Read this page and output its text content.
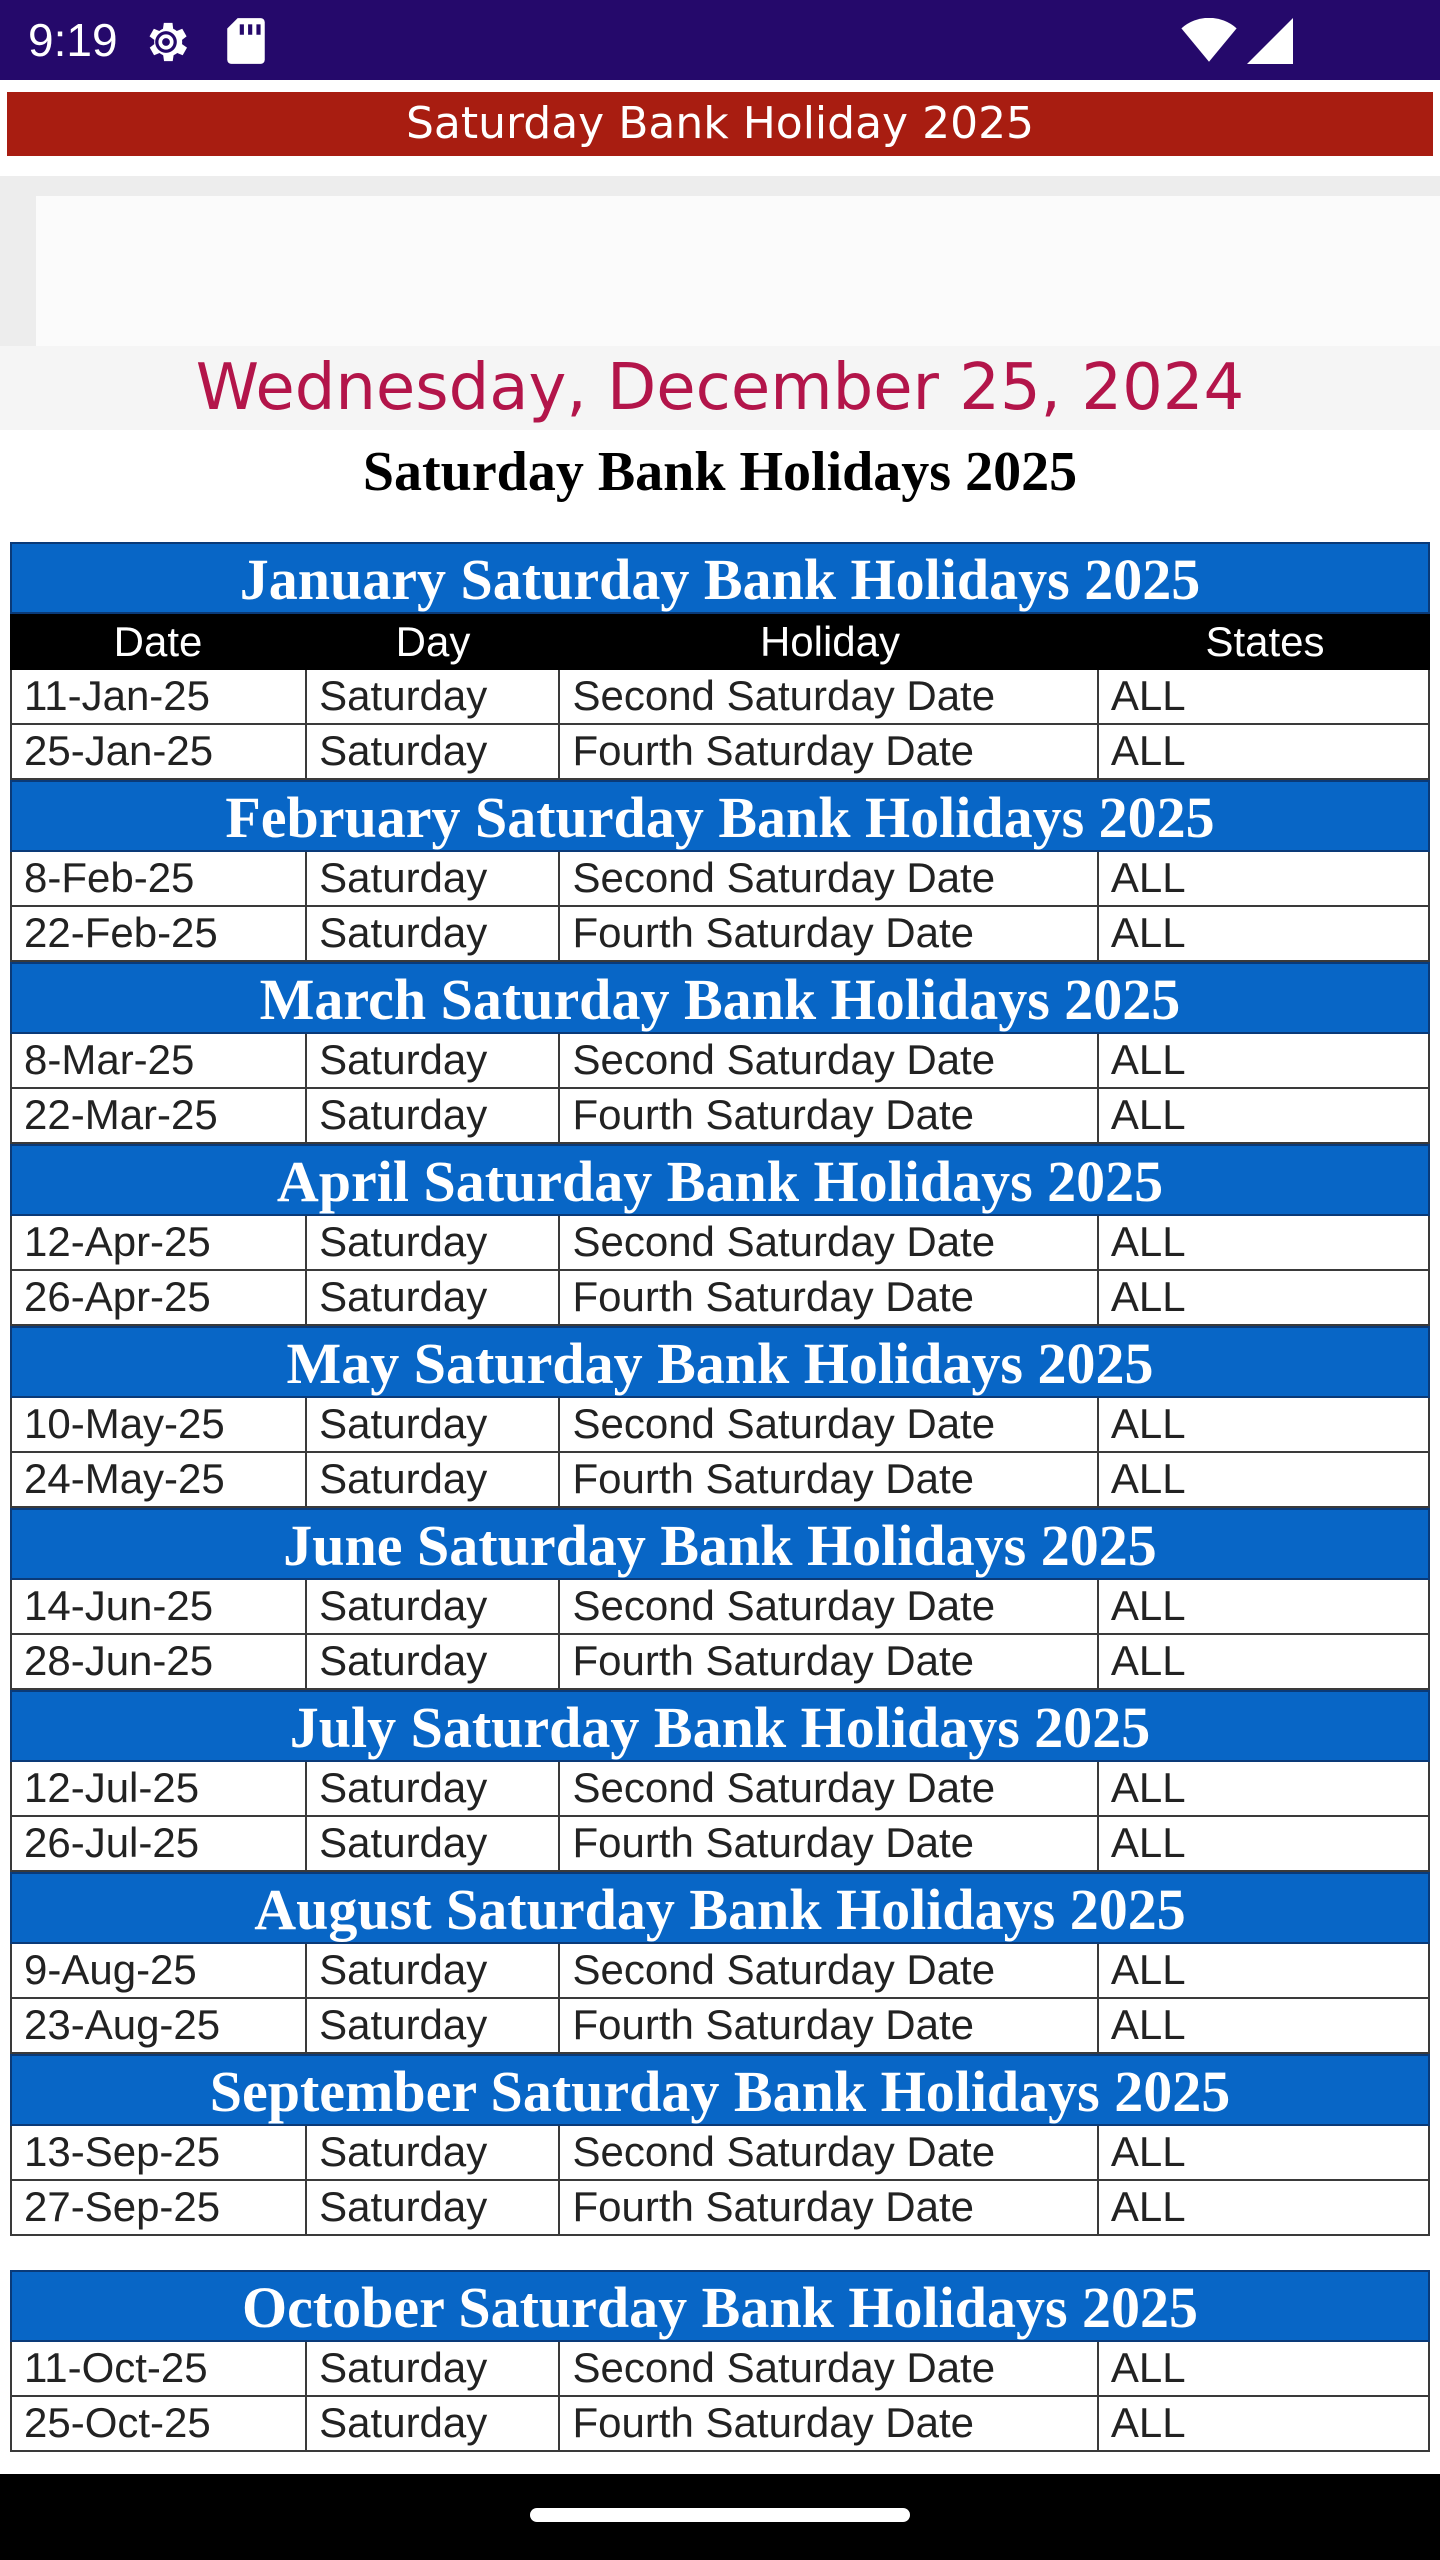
9:19
Saturday Bank Holiday 2025
Wednesday, December 25, 2024
Saturday Bank Holidays 2025
January Saturday Bank Holidays 2025
Date	Day	Holiday	States
11-Jan-25	Saturday	Second Saturday Date	ALL
25-Jan-25	Saturday	Fourth Saturday Date	ALL
February Saturday Bank Holidays 2025
8-Feb-25	Saturday	Second Saturday Date	ALL
22-Feb-25	Saturday	Fourth Saturday Date	ALL
March Saturday Bank Holidays 2025
8-Mar-25	Saturday	Second Saturday Date	ALL
22-Mar-25	Saturday	Fourth Saturday Date	ALL
April Saturday Bank Holidays 2025
12-Apr-25	Saturday	Second Saturday Date	ALL
26-Apr-25	Saturday	Fourth Saturday Date	ALL
May Saturday Bank Holidays 2025
10-May-25	Saturday	Second Saturday Date	ALL
24-May-25	Saturday	Fourth Saturday Date	ALL
June Saturday Bank Holidays 2025
14-Jun-25	Saturday	Second Saturday Date	ALL
28-Jun-25	Saturday	Fourth Saturday Date	ALL
July Saturday Bank Holidays 2025
12-Jul-25	Saturday	Second Saturday Date	ALL
26-Jul-25	Saturday	Fourth Saturday Date	ALL
August Saturday Bank Holidays 2025
9-Aug-25	Saturday	Second Saturday Date	ALL
23-Aug-25	Saturday	Fourth Saturday Date	ALL
September Saturday Bank Holidays 2025
13-Sep-25	Saturday	Second Saturday Date	ALL
27-Sep-25	Saturday	Fourth Saturday Date	ALL
October Saturday Bank Holidays 2025
11-Oct-25	Saturday	Second Saturday Date	ALL
25-Oct-25	Saturday	Fourth Saturday Date	ALL
